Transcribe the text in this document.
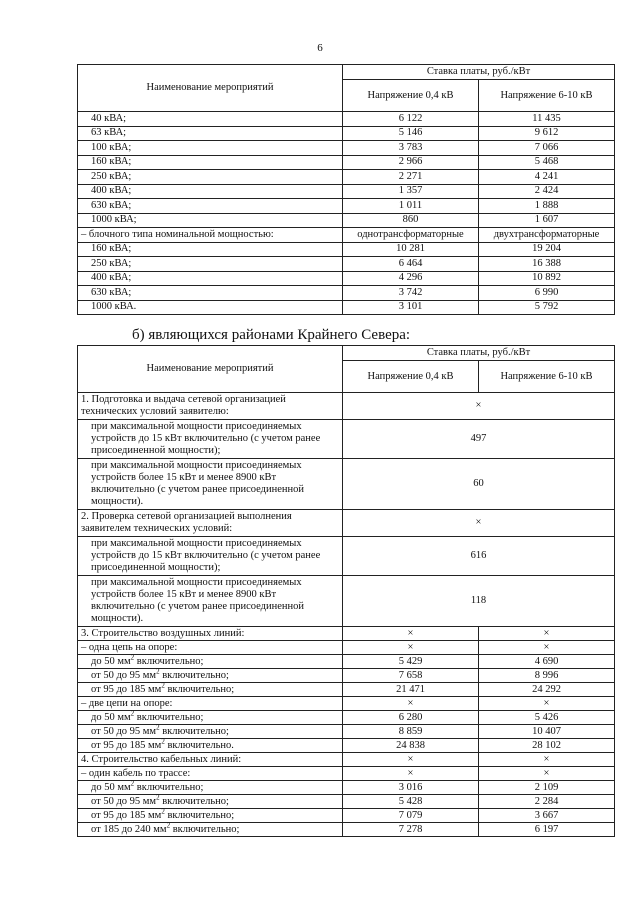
6
Наименование мероприятий	Ставка платы, руб./кВт	
	Напряжение 0,4 кВ	Напряжение 6-10 кВ
40 кВА;	6 122	11 435
63 кВА;	5 146	9 612
100 кВА;	3 783	7 066
160 кВА;	2 966	5 468
250 кВА;	2 271	4 241
400 кВА;	1 357	2 424
630 кВА;	1 011	1 888
1000 кВА;	860	1 607
– блочного типа номинальной мощностью:	однотрансформаторные	двухтрансформаторные
160 кВА;	10 281	19 204
250 кВА;	6 464	16 388
400 кВА;	4 296	10 892
630 кВА;	3 742	6 990
1000 кВА.	3 101	5 792
б) являющихся районами Крайнего Севера:
Наименование мероприятий	Ставка платы, руб./кВт	
	Напряжение 0,4 кВ	Напряжение 6-10 кВ
1. Подготовка и выдача сетевой организацией технических условий заявителю:	×	
при максимальной мощности присоединяемых устройств до 15 кВт включительно (с учетом ранее присоединенной мощности);	497	
при максимальной мощности присоединяемых устройств более 15 кВт и менее 8900 кВт включительно (с учетом ранее присоединенной мощности).	60	
2. Проверка сетевой организацией выполнения заявителем технических условий:	×	
при максимальной мощности присоединяемых устройств до 15 кВт включительно (с учетом ранее присоединенной мощности);	616	
при максимальной мощности присоединяемых устройств более 15 кВт и менее 8900 кВт включительно (с учетом ранее присоединенной мощности).	118	
3. Строительство воздушных линий:	×	×
– одна цепь на опоре:	×	×
до 50 $мм^2$ включительно;	5 429	4 690
от 50 до 95 $мм^2$ включительно;	7 658	8 996
от 95 до 185 $мм^2$ включительно;	21 471	24 292
– две цепи на опоре:	×	×
до 50 $мм^2$ включительно;	6 280	5 426
от 50 до 95 $мм^2$ включительно;	8 859	10 407
от 95 до 185 $мм^2$ включительно.	24 838	28 102
4. Строительство кабельных линий:	×	×
– один кабель по трассе:	×	×
до 50 $мм^2$ включительно;	3 016	2 109
от 50 до 95 $мм^2$ включительно;	5 428	2 284
от 95 до 185 $мм^2$ включительно;	7 079	3 667
от 185 до 240 $мм^2$ включительно;	7 278	6 197
